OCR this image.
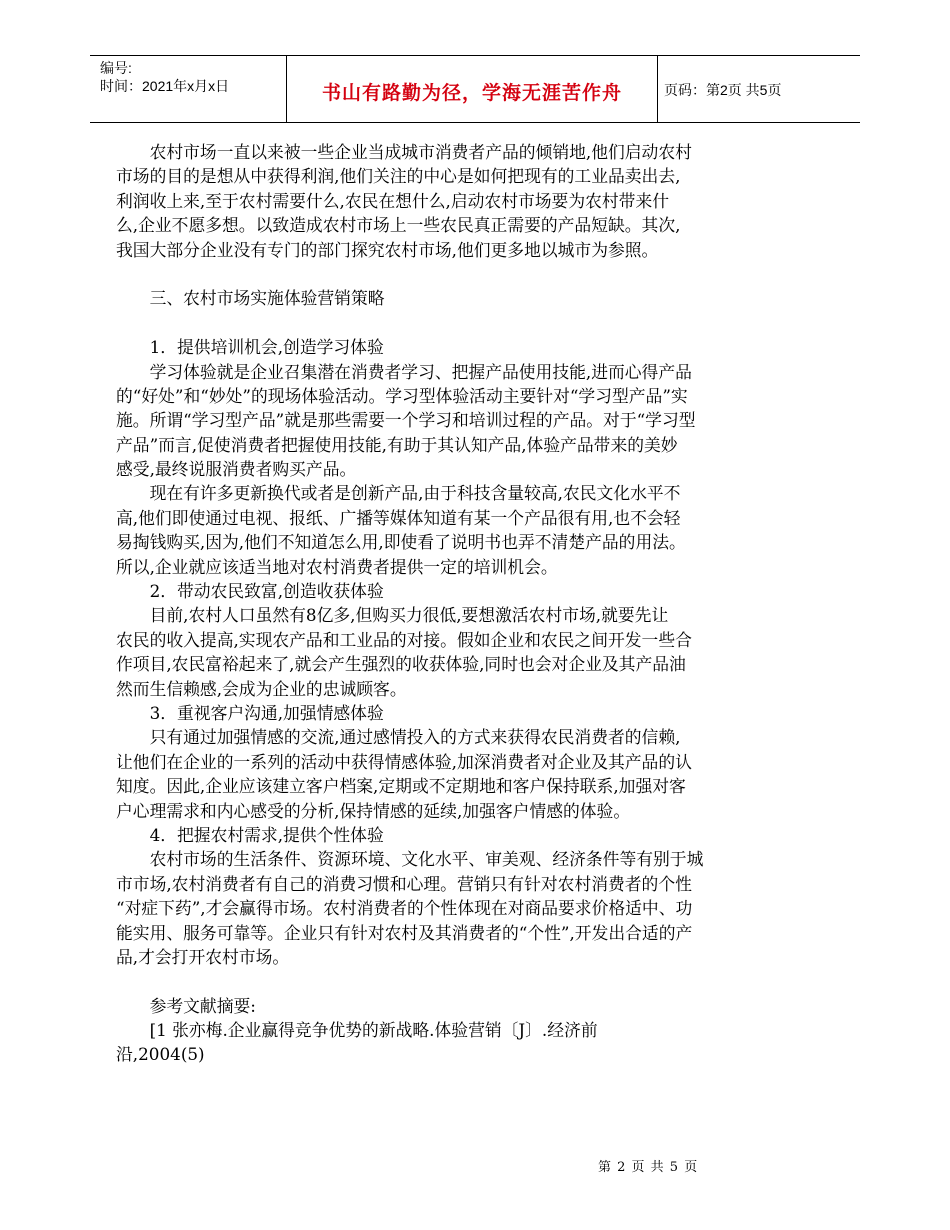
编号:
时间：2021年x月x日	书山有路勤为径，学海无涯苦作舟	页码：第2页 共5页
　　农村市场一直以来被一些企业当成城市消费者产品的倾销地,他们启动农村
市场的目的是想从中获得利润,他们关注的中心是如何把现有的工业品卖出去,
利润收上来,至于农村需要什么,农民在想什么,启动农村市场要为农村带来什
么,企业不愿多想。以致造成农村市场上一些农民真正需要的产品短缺。其次,
我国大部分企业没有专门的部门探究农村市场,他们更多地以城市为参照。
　　三、农村市场实施体验营销策略
　　1．提供培训机会,创造学习体验
　　学习体验就是企业召集潜在消费者学习、把握产品使用技能,进而心得产品
的“好处”和“妙处”的现场体验活动。学习型体验活动主要针对“学习型产品”实
施。所谓“学习型产品”就是那些需要一个学习和培训过程的产品。对于“学习型
产品”而言,促使消费者把握使用技能,有助于其认知产品,体验产品带来的美妙
感受,最终说服消费者购买产品。
　　现在有许多更新换代或者是创新产品,由于科技含量较高,农民文化水平不
高,他们即使通过电视、报纸、广播等媒体知道有某一个产品很有用,也不会轻
易掏钱购买,因为,他们不知道怎么用,即使看了说明书也弄不清楚产品的用法。
所以,企业就应该适当地对农村消费者提供一定的培训机会。
　　2．带动农民致富,创造收获体验
　　目前,农村人口虽然有8亿多,但购买力很低,要想激活农村市场,就要先让
农民的收入提高,实现农产品和工业品的对接。假如企业和农民之间开发一些合
作项目,农民富裕起来了,就会产生强烈的收获体验,同时也会对企业及其产品油
然而生信赖感,会成为企业的忠诚顾客。
　　3．重视客户沟通,加强情感体验
　　只有通过加强情感的交流,通过感情投入的方式来获得农民消费者的信赖,
让他们在企业的一系列的活动中获得情感体验,加深消费者对企业及其产品的认
知度。因此,企业应该建立客户档案,定期或不定期地和客户保持联系,加强对客
户心理需求和内心感受的分析,保持情感的延续,加强客户情感的体验。
　　4．把握农村需求,提供个性体验
　　农村市场的生活条件、资源环境、文化水平、审美观、经济条件等有别于城
市市场,农村消费者有自己的消费习惯和心理。营销只有针对农村消费者的个性
“对症下药”,才会赢得市场。农村消费者的个性体现在对商品要求价格适中、功
能实用、服务可靠等。企业只有针对农村及其消费者的“个性”,开发出合适的产
品,才会打开农村市场。
　　参考文献摘要:
　　[1 张亦梅.企业赢得竞争优势的新战略.体验营销〔J〕.经济前
沿,2004(5)
第 2 页 共 5 页
